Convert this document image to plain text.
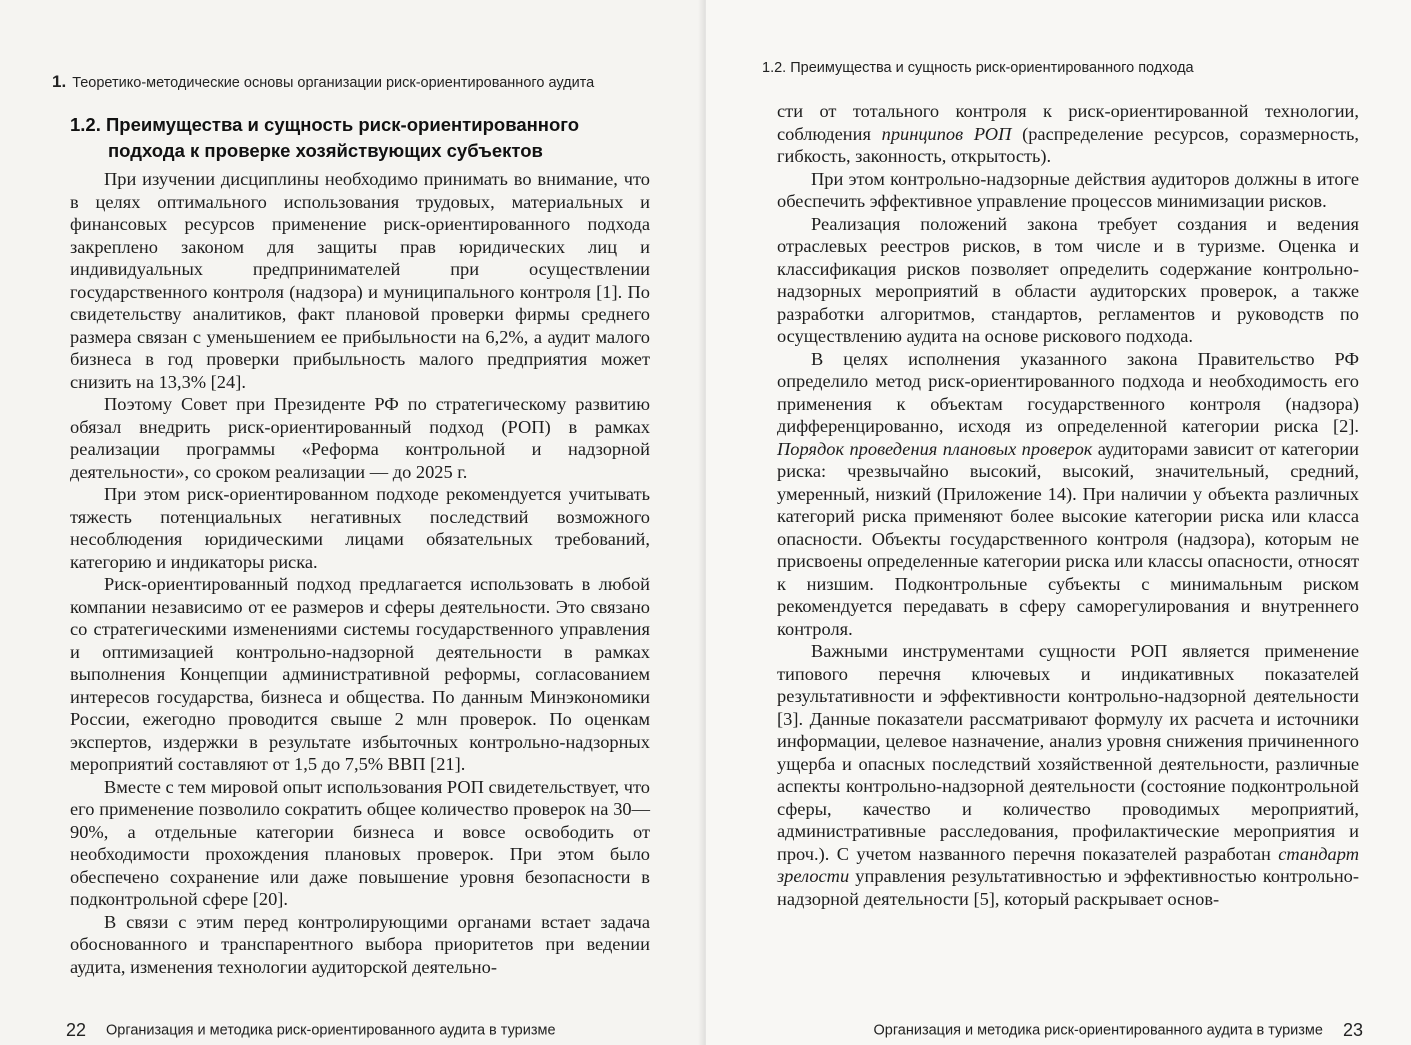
1. Теоретико-методические основы организации риск-ориентированного аудита
1.2. Преимущества и сущность риск-ориентированного
подхода к проверке хозяйствующих субъектов

При изучении дисциплины необходимо принимать во внимание, что в целях оптимального использования трудовых, материальных и финансовых ресурсов применение риск-ориентированного подхода закреплено законом для защиты прав юридических лиц и индивидуальных предпринимателей при осуществлении государственного контроля (надзора) и муниципального контроля [1]. По свидетельству аналитиков, факт плановой проверки фирмы среднего размера связан с уменьшением ее прибыльности на 6,2%, а аудит малого бизнеса в год проверки прибыльность малого предприятия может снизить на 13,3% [24].

Поэтому Совет при Президенте РФ по стратегическому развитию обязал внедрить риск-ориентированный подход (РОП) в рамках реализации программы «Реформа контрольной и надзорной деятельности», со сроком реализации — до 2025 г.

При этом риск-ориентированном подходе рекомендуется учитывать тяжесть потенциальных негативных последствий возможного несоблюдения юридическими лицами обязательных требований, категорию и индикаторы риска.

Риск-ориентированный подход предлагается использовать в любой компании независимо от ее размеров и сферы деятельности. Это связано со стратегическими изменениями системы государственного управления и оптимизацией контрольно-надзорной деятельности в рамках выполнения Концепции административной реформы, согласованием интересов государства, бизнеса и общества. По данным Минэкономики России, ежегодно проводится свыше 2 млн проверок. По оценкам экспертов, издержки в результате избыточных контрольно-надзорных мероприятий составляют от 1,5 до 7,5% ВВП [21].

Вместе с тем мировой опыт использования РОП свидетельствует, что его применение позволило сократить общее количество проверок на 30—90%, а отдельные категории бизнеса и вовсе освободить от необходимости прохождения плановых проверок. При этом было обеспечено сохранение или даже повышение уровня безопасности в подконтрольной сфере [20].

В связи с этим перед контролирующими органами встает задача обоснованного и транспарентного выбора приоритетов при ведении аудита, изменения технологии аудиторской деятельно-

22 Организация и методика риск-ориентированного аудита в туризме
1.2. Преимущества и сущность риск-ориентированного подхода

сти от тотального контроля к риск-ориентированной технологии, соблюдения принципов РОП (распределение ресурсов, соразмерность, гибкость, законность, открытость).

При этом контрольно-надзорные действия аудиторов должны в итоге обеспечить эффективное управление процессов минимизации рисков.

Реализация положений закона требует создания и ведения отраслевых реестров рисков, в том числе и в туризме. Оценка и классификация рисков позволяет определить содержание контрольно-надзорных мероприятий в области аудиторских проверок, а также разработки алгоритмов, стандартов, регламентов и руководств по осуществлению аудита на основе рискового подхода.

В целях исполнения указанного закона Правительство РФ определило метод риск-ориентированного подхода и необходимость его применения к объектам государственного контроля (надзора) дифференцированно, исходя из определенной категории риска [2]. Порядок проведения плановых проверок аудиторами зависит от категории риска: чрезвычайно высокий, высокий, значительный, средний, умеренный, низкий (Приложение 14). При наличии у объекта различных категорий риска применяют более высокие категории риска или класса опасности. Объекты государственного контроля (надзора), которым не присвоены определенные категории риска или классы опасности, относят к низшим. Подконтрольные субъекты с минимальным риском рекомендуется передавать в сферу саморегулирования и внутреннего контроля.

Важными инструментами сущности РОП является применение типового перечня ключевых и индикативных показателей результативности и эффективности контрольно-надзорной деятельности [3]. Данные показатели рассматривают формулу их расчета и источники информации, целевое назначение, анализ уровня снижения причиненного ущерба и опасных последствий хозяйственной деятельности, различные аспекты контрольно-надзорной деятельности (состояние подконтрольной сферы, качество и количество проводимых мероприятий, административные расследования, профилактические мероприятия и проч.). С учетом названного перечня показателей разработан стандарт зрелости управления результативностью и эффективностью контрольно-надзорной деятельности [5], который раскрывает основ-

Организация и методика риск-ориентированного аудита в туризме 23
